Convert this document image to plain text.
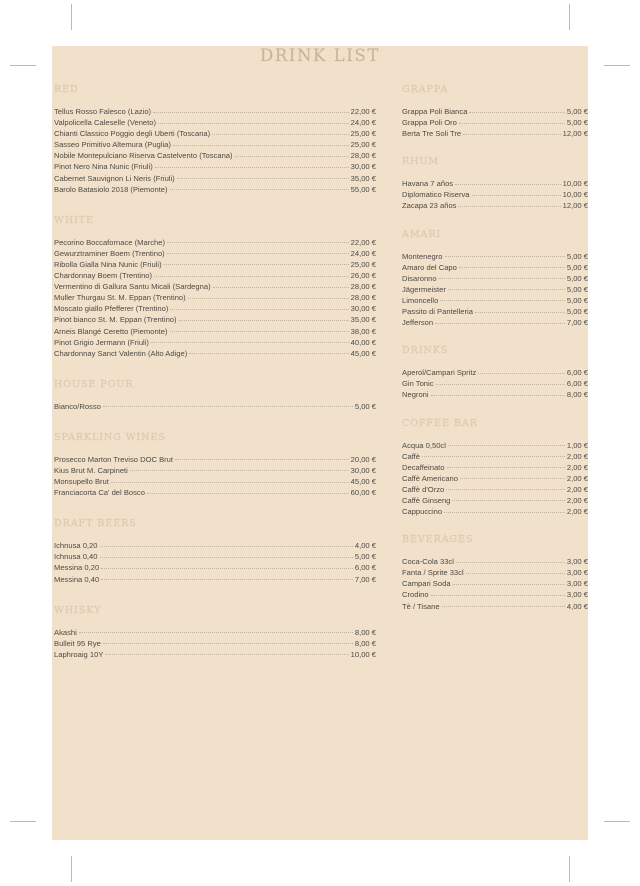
DRINK LIST
RED
Tellus Rosso Falesco (Lazio)	22,00 €
Valpolicella Caleselle (Veneto)	24,00 €
Chianti Classico Poggio degli Uberti (Toscana)	25,00 €
Sasseo Primitivo Altemura (Puglia)	25,00 €
Nobile Montepulciano Riserva Castelvento (Toscana)	28,00 €
Pinot Nero Nina Nunic (Friuli)	30,00 €
Cabernet Sauvignon Li Neris (Friuli)	35,00 €
Barolo Batasiolo 2018 (Piemonte)	55,00 €
WHITE
Pecorino Boccafornace (Marche)	22,00 €
Gewurztraminer Boem (Trentino)	24,00 €
Ribolla Gialla Nina Nunic (Friuli)	25,00 €
Chardonnay Boem (Trentino)	26,00 €
Vermentino di Gallura Santu Micali (Sardegna)	28,00 €
Muller Thurgau St. M. Eppan (Trentino)	28,00 €
Moscato giallo Pfefferer (Trentino)	30,00 €
Pinot bianco St. M. Eppan (Trentino)	35,00 €
Arneis Blangé Ceretto (Piemonte)	38,00 €
Pinot Grigio Jermann (Friuli)	40,00 €
Chardonnay Sanct Valentin (Alto Adige)	45,00 €
HOUSE POUR
Bianco/Rosso	5,00 €
SPARKLING WINES
Prosecco Marton Treviso DOC Brut	20,00 €
Kius Brut M. Carpineti	30,00 €
Monsupello Brut	45,00 €
Franciacorta Ca' del Bosco	60,00 €
DRAFT BEERS
Ichnusa 0,20	4,00 €
Ichnusa 0,40	5,00 €
Messina 0,20	6,00 €
Messina 0,40	7,00 €
WHISKY
Akashi	8,00 €
Bulleit 95 Rye	8,00 €
Laphroaig 10Y	10,00 €
GRAPPA
Grappa Poli Bianca	5,00 €
Grappa Poli Oro	5,00 €
Berta Tre Soli Tre	12,00 €
RHUM
Havana 7 años	10,00 €
Diplomatico Riserva	10,00 €
Zacapa 23 años	12,00 €
AMARI
Montenegro	5,00 €
Amaro del Capo	5,00 €
Disaronno	5,00 €
Jägermeister	5,00 €
Limoncello	5,00 €
Passito di Pantelleria	5,00 €
Jefferson	7,00 €
DRINKS
Aperol/Campari Spritz	6,00 €
Gin Tonic	6,00 €
Negroni	8,00 €
COFFEE BAR
Acqua 0,50cl	1,00 €
Caffè	2,00 €
Decaffeinato	2,00 €
Caffè Americano	2,00 €
Caffè d'Orzo	2,00 €
Caffè Ginseng	2,00 €
Cappuccino	2,00 €
BEVERAGES
Coca-Cola 33cl	3,00 €
Fanta / Sprite 33cl	3,00 €
Campari Soda	3,00 €
Crodino	3,00 €
Tè / Tisane	4,00 €
